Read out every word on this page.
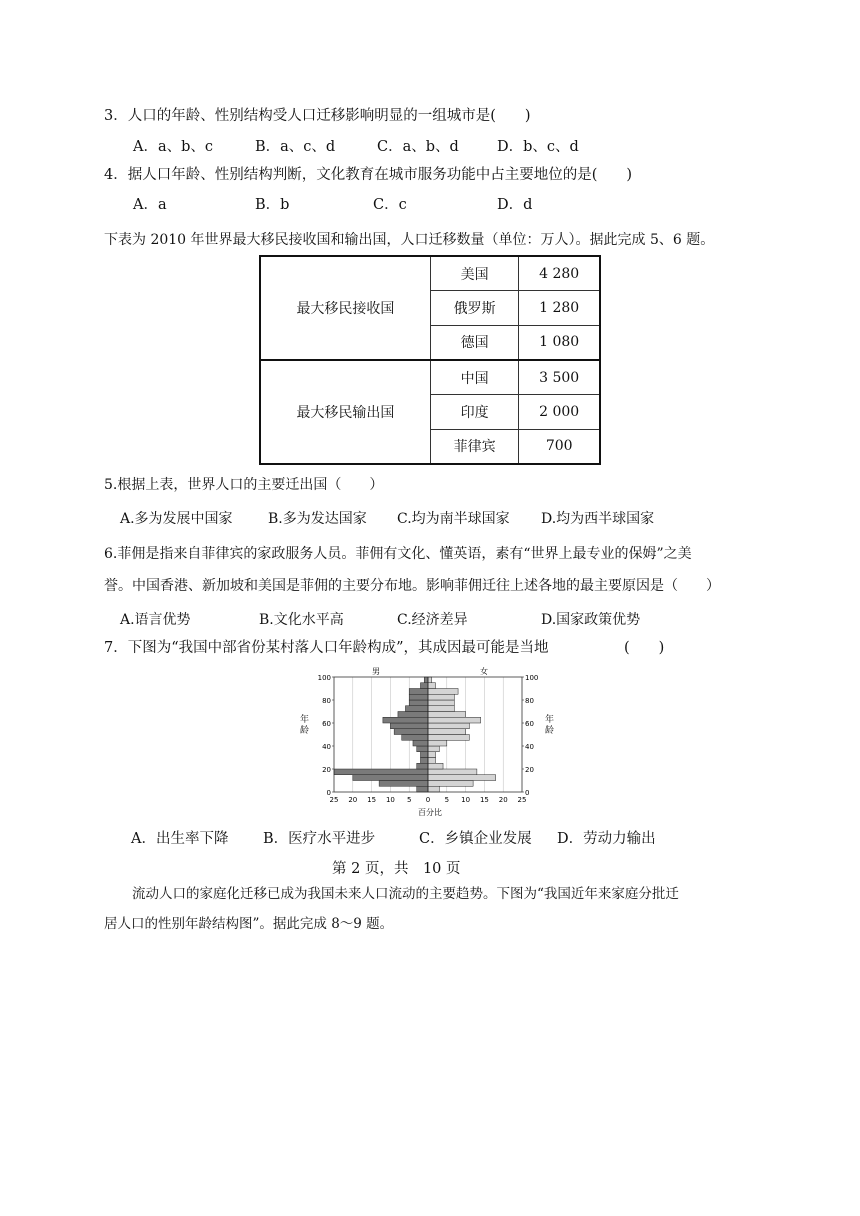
3．人口的年龄、性别结构受人口迁移影响明显的一组城市是(　　)
A．a、b、c	B．a、c、d	C．a、b、d	D．b、c、d
4．据人口年龄、性别结构判断，文化教育在城市服务功能中占主要地位的是(　　)
A．a	B．b	C．c	D．d
下表为 2010 年世界最大移民接收国和输出国，人口迁移数量（单位：万人）。据此完成 5、6 题。
最大移民接收国	美国	4 280
	俄罗斯	1 280
	德国	1 080
最大移民输出国	中国	3 500
	印度	2 000
	菲律宾	700
5.根据上表，世界人口的主要迁出国（　　）
A.多为发展中国家	B.多为发达国家 C.均为南半球国家 D.均为西半球国家
6.菲佣是指来自菲律宾的家政服务人员。菲佣有文化、懂英语，素有“世界上最专业的保姆”之美
誉。中国香港、新加坡和美国是菲佣的主要分布地。影响菲佣迁往上述各地的最主要原因是（　　）
A.语言优势	B.文化水平高	C.经济差异	D.国家政策优势
7．下图为“我国中部省份某村落人口年龄构成”，其成因最可能是当地	(　　)
100	100
80	80
60	60
40	40
20	20
0	0
25 20 15 10 5 0 5 10 15 20 25
男	女
百分比
年龄
年龄
A．出生率下降 B．医疗水平进步	C．乡镇企业发展 D．劳动力输出
第 2 页，共　10 页
流动人口的家庭化迁移已成为我国未来人口流动的主要趋势。下图为“我国近年来家庭分批迁
居人口的性别年龄结构图”。据此完成 8～9 题。
